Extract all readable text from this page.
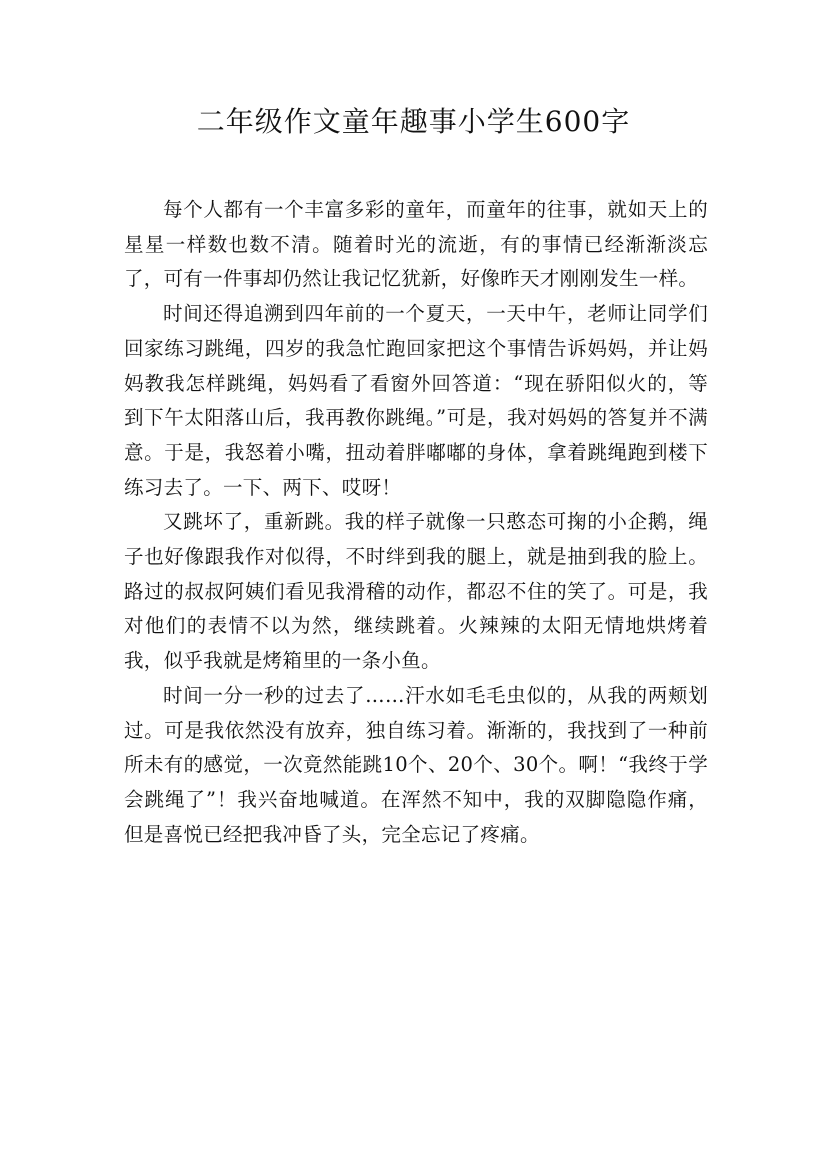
二年级作文童年趣事小学生600字

每个人都有一个丰富多彩的童年，而童年的往事，就如天上的星星一样数也数不清。随着时光的流逝，有的事情已经渐渐淡忘了，可有一件事却仍然让我记忆犹新，好像昨天才刚刚发生一样。

时间还得追溯到四年前的一个夏天，一天中午，老师让同学们回家练习跳绳，四岁的我急忙跑回家把这个事情告诉妈妈，并让妈妈教我怎样跳绳，妈妈看了看窗外回答道：“现在骄阳似火的，等到下午太阳落山后，我再教你跳绳。”可是，我对妈妈的答复并不满意。于是，我怒着小嘴，扭动着胖嘟嘟的身体，拿着跳绳跑到楼下练习去了。一下、两下、哎呀！

又跳坏了，重新跳。我的样子就像一只憨态可掬的小企鹅，绳子也好像跟我作对似得，不时绊到我的腿上，就是抽到我的脸上。路过的叔叔阿姨们看见我滑稽的动作，都忍不住的笑了。可是，我对他们的表情不以为然，继续跳着。火辣辣的太阳无情地烘烤着我，似乎我就是烤箱里的一条小鱼。

时间一分一秒的过去了……汗水如毛毛虫似的，从我的两颊划过。可是我依然没有放弃，独自练习着。渐渐的，我找到了一种前所未有的感觉，一次竟然能跳10个、20个、30个。啊！“我终于学会跳绳了”！我兴奋地喊道。在浑然不知中，我的双脚隐隐作痛，但是喜悦已经把我冲昏了头，完全忘记了疼痛。
